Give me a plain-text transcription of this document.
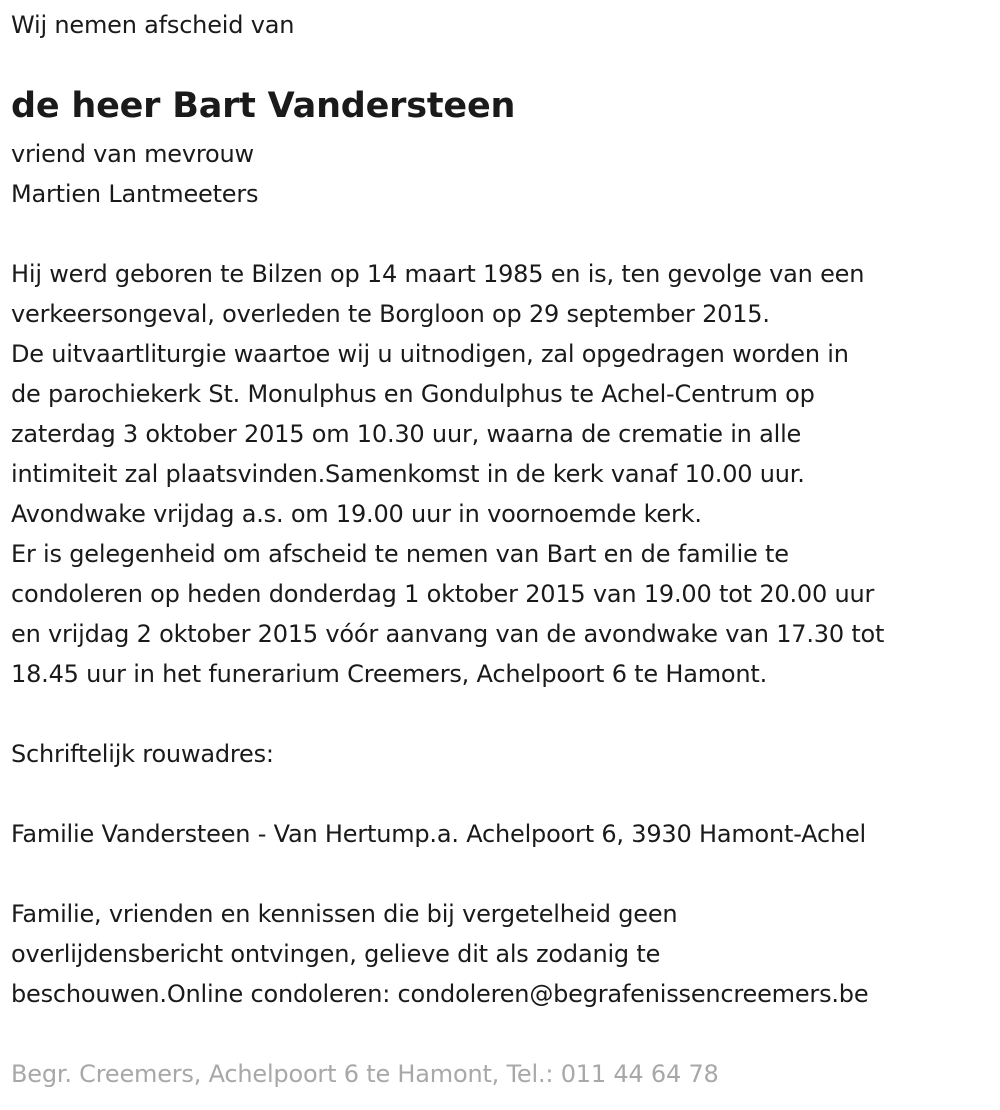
Wij nemen afscheid van
de heer Bart Vandersteen
vriend van mevrouw
Martien Lantmeeters
Hij werd geboren te Bilzen op 14 maart 1985 en is, ten gevolge van een
verkeersongeval, overleden te Borgloon op 29 september 2015.
De uitvaartliturgie waartoe wij u uitnodigen, zal opgedragen worden in
de parochiekerk St. Monulphus en Gondulphus te Achel-Centrum op
zaterdag 3 oktober 2015 om 10.30 uur, waarna de crematie in alle
intimiteit zal plaatsvinden.Samenkomst in de kerk vanaf 10.00 uur.
Avondwake vrijdag a.s. om 19.00 uur in voornoemde kerk.
Er is gelegenheid om afscheid te nemen van Bart en de familie te
condoleren op heden donderdag 1 oktober 2015 van 19.00 tot 20.00 uur
en vrijdag 2 oktober 2015 vóór aanvang van de avondwake van 17.30 tot
18.45 uur in het funerarium Creemers, Achelpoort 6 te Hamont.
Schriftelijk rouwadres:
Familie Vandersteen - Van Hertump.a. Achelpoort 6, 3930 Hamont-Achel
Familie, vrienden en kennissen die bij vergetelheid geen
overlijdensbericht ontvingen, gelieve dit als zodanig te
beschouwen.Online condoleren: condoleren@begrafenissencreemers.be
Begr. Creemers, Achelpoort 6 te Hamont, Tel.: 011 44 64 78
